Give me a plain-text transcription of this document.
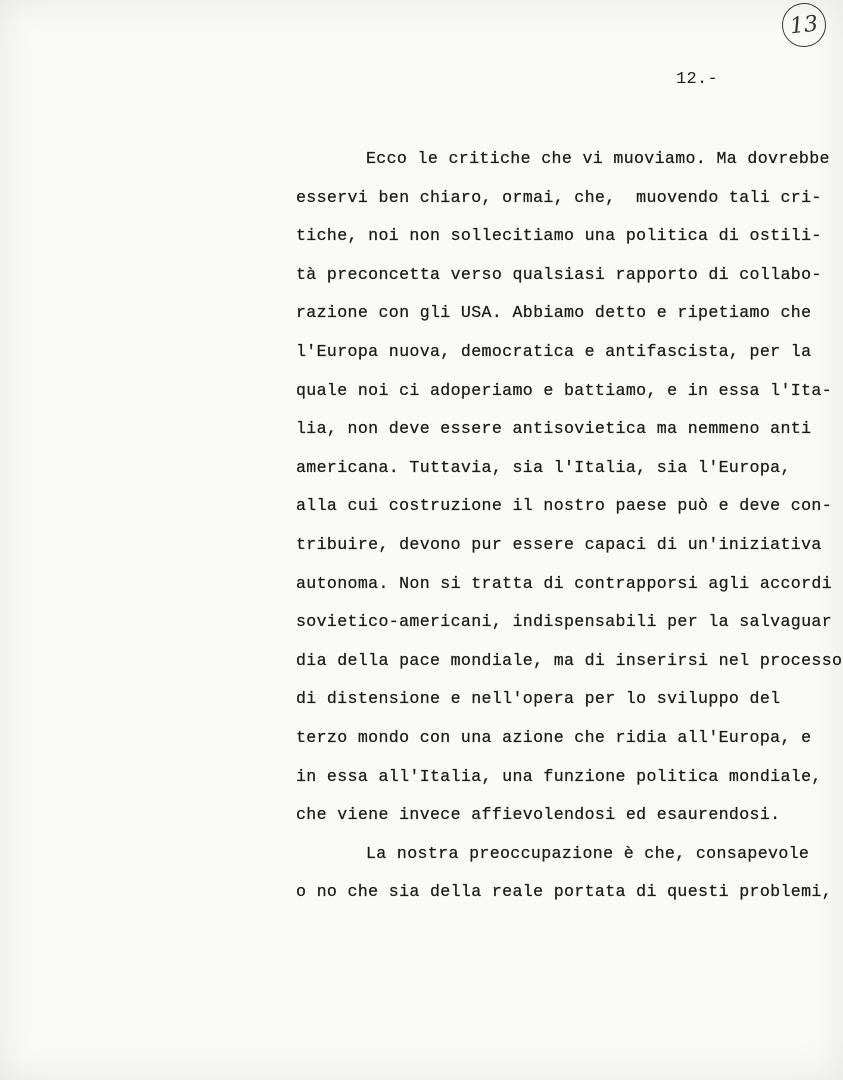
13
12.-
Ecco le critiche che vi muoviamo. Ma dovrebbe
esservi ben chiaro, ormai, che,  muovendo tali cri-
tiche, noi non sollecitiamo una politica di ostili-
tà preconcetta verso qualsiasi rapporto di collabo-
razione con gli USA. Abbiamo detto e ripetiamo che
l'Europa nuova, democratica e antifascista, per la
quale noi ci adoperiamo e battiamo, e in essa l'Ita-
lia, non deve essere antisovietica ma nemmeno anti
americana. Tuttavia, sia l'Italia, sia l'Europa,
alla cui costruzione il nostro paese può e deve con-
tribuire, devono pur essere capaci di un'iniziativa
autonoma. Non si tratta di contrapporsi agli accordi
sovietico-americani, indispensabili per la salvaguar
dia della pace mondiale, ma di inserirsi nel processo
di distensione e nell'opera per lo sviluppo del
terzo mondo con una azione che ridia all'Europa, e
in essa all'Italia, una funzione politica mondiale,
che viene invece affievolendosi ed esaurendosi.
La nostra preoccupazione è che, consapevole
o no che sia della reale portata di questi problemi,
